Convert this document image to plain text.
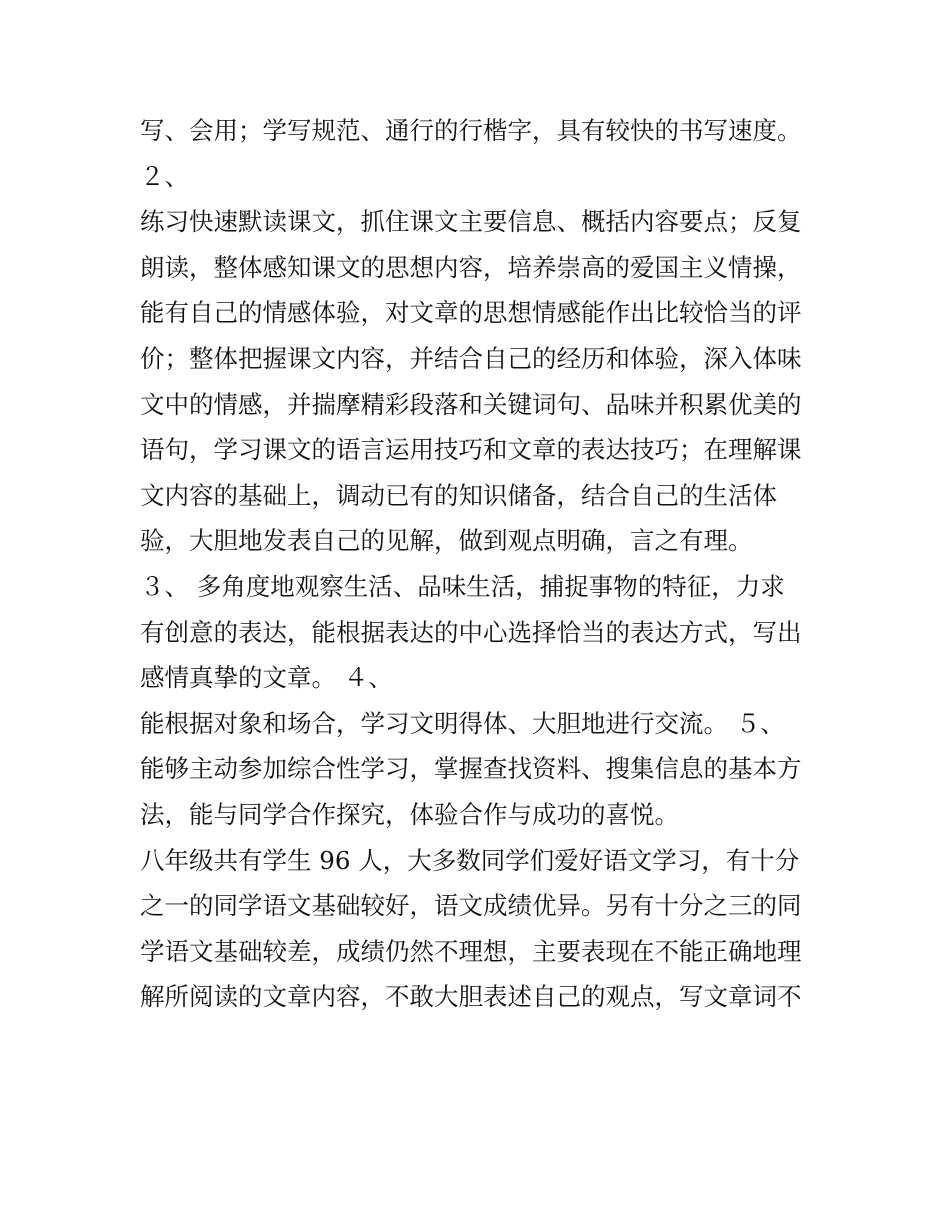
写、会用；学写规范、通行的行楷字，具有较快的书写速度。
２、
练习快速默读课文，抓住课文主要信息、概括内容要点；反复
朗读，整体感知课文的思想内容，培养崇高的爱国主义情操，
能有自己的情感体验，对文章的思想情感能作出比较恰当的评
价；整体把握课文内容，并结合自己的经历和体验，深入体味
文中的情感，并揣摩精彩段落和关键词句、品味并积累优美的
语句，学习课文的语言运用技巧和文章的表达技巧；在理解课
文内容的基础上，调动已有的知识储备，结合自己的生活体
验，大胆地发表自己的见解，做到观点明确，言之有理。
３、 多角度地观察生活、品味生活，捕捉事物的特征，力求
有创意的表达，能根据表达的中心选择恰当的表达方式，写出
感情真挚的文章。 ４、
能根据对象和场合，学习文明得体、大胆地进行交流。 ５、
能够主动参加综合性学习，掌握查找资料、搜集信息的基本方
法，能与同学合作探究，体验合作与成功的喜悦。
八年级共有学生 96 人，大多数同学们爱好语文学习，有十分
之一的同学语文基础较好，语文成绩优异。另有十分之三的同
学语文基础较差，成绩仍然不理想，主要表现在不能正确地理
解所阅读的文章内容，不敢大胆表述自己的观点，写文章词不
